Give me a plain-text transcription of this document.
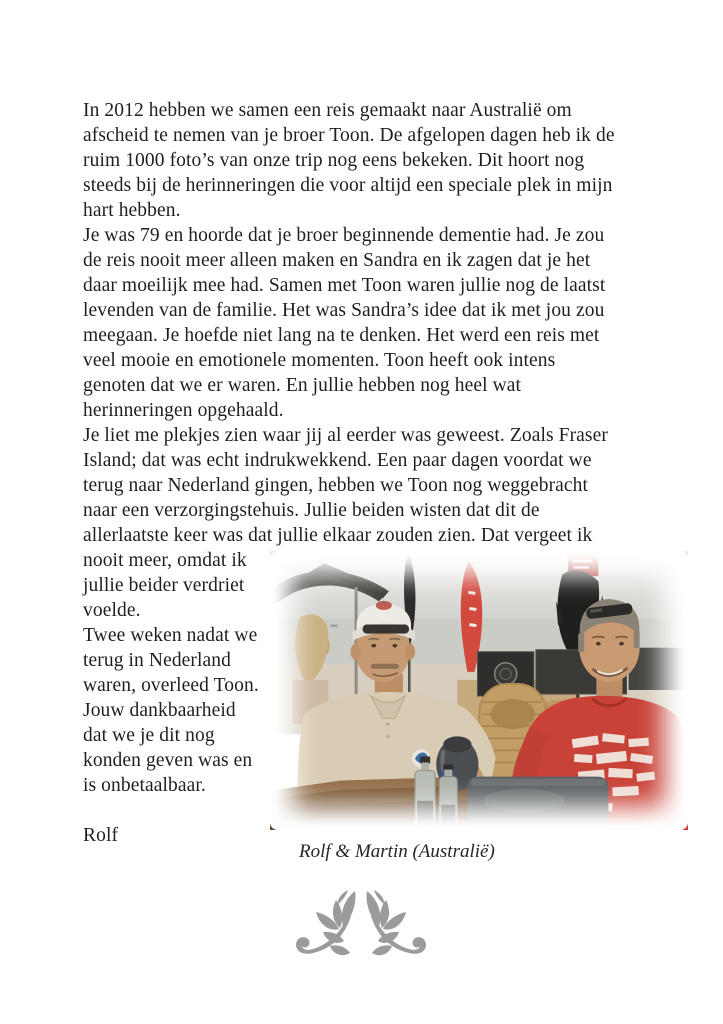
In 2012 hebben we samen een reis gemaakt naar Australië om
afscheid te nemen van je broer Toon. De afgelopen dagen heb ik de
ruim 1000 foto’s van onze trip nog eens bekeken. Dit hoort nog
steeds bij de herinneringen die voor altijd een speciale plek in mijn
hart hebben.
Je was 79 en hoorde dat je broer beginnende dementie had. Je zou
de reis nooit meer alleen maken en Sandra en ik zagen dat je het
daar moeilijk mee had. Samen met Toon waren jullie nog de laatst
levenden van de familie. Het was Sandra’s idee dat ik met jou zou
meegaan. Je hoefde niet lang na te denken. Het werd een reis met
veel mooie en emotionele momenten. Toon heeft ook intens
genoten dat we er waren. En jullie hebben nog heel wat
herinneringen opgehaald.
Je liet me plekjes zien waar jij al eerder was geweest. Zoals Fraser
Island; dat was echt indrukwekkend. Een paar dagen voordat we
terug naar Nederland gingen, hebben we Toon nog weggebracht
naar een verzorgingstehuis. Jullie beiden wisten dat dit de
allerlaatste keer was dat jullie elkaar zouden zien. Dat vergeet ik
nooit meer, omdat ik
jullie beider verdriet
voelde.
Twee weken nadat we
terug in Nederland
waren, overleed Toon.
Jouw dankbaarheid
dat we je dit nog
konden geven was en
is onbetaalbaar.
Rolf
Rolf & Martin (Australië)
